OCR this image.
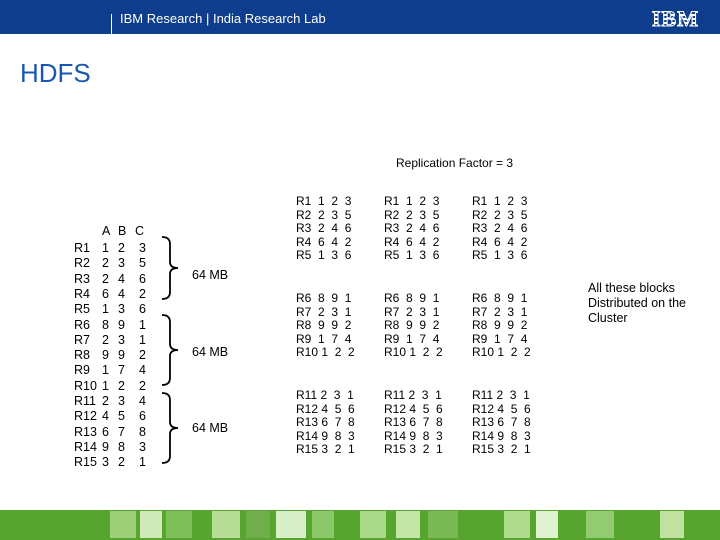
IBM Research | India Research Lab	IBM
HDFS
Replication Factor = 3
A B C
R1 1 2 3
R2 2 3 5
R3 2 4 6
R4 6 4 2
R5 1 3 6
R6 8 9 1
R7 2 3 1
R8 9 9 2
R9 1 7 4
R10 1 2 2
R11 2 3 4
R12 4 5 6
R13 6 7 8
R14 9 8 3
R15 3 2 1
64 MB
64 MB
64 MB
R1  1  2  3
R2  2  3  5
R3  2  4  6
R4  6  4  2
R5  1  3  6
R1  1  2  3
R2  2  3  5
R3  2  4  6
R4  6  4  2
R5  1  3  6
R1  1  2  3
R2  2  3  5
R3  2  4  6
R4  6  4  2
R5  1  3  6
R6  8  9  1
R7  2  3  1
R8  9  9  2
R9  1  7  4
R10 1  2  2
R6  8  9  1
R7  2  3  1
R8  9  9  2
R9  1  7  4
R10 1  2  2
R6  8  9  1
R7  2  3  1
R8  9  9  2
R9  1  7  4
R10 1  2  2
R11 2  3  1
R12 4  5  6
R13 6  7  8
R14 9  8  3
R15 3  2  1
R11 2  3  1
R12 4  5  6
R13 6  7  8
R14 9  8  3
R15 3  2  1
R11 2  3  1
R12 4  5  6
R13 6  7  8
R14 9  8  3
R15 3  2  1
All these blocks Distributed on the Cluster
